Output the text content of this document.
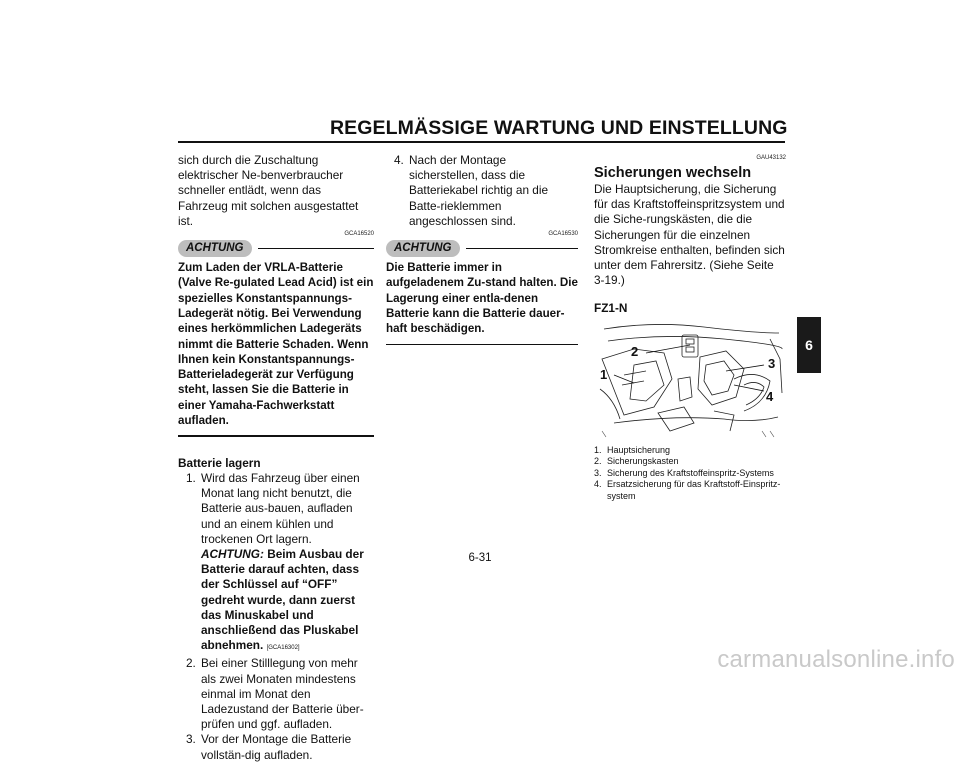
REGELMÄSSIGE WARTUNG UND EINSTELLUNG
6

sich durch die Zuschaltung elektrischer Ne-benverbraucher schneller entlädt, wenn das Fahrzeug mit solchen ausgestattet ist.

GCA16520
ACHTUNG

Zum Laden der VRLA-Batterie (Valve Re-gulated Lead Acid) ist ein spezielles Konstantspannungs-Ladegerät nötig. Bei Verwendung eines herkömmlichen Ladegeräts nimmt die Batterie Schaden. Wenn Ihnen kein Konstantspannungs-Batterieladegerät zur Verfügung steht, lassen Sie die Batterie in einer Yamaha-Fachwerkstatt aufladen.

Batterie lagern

1. Wird das Fahrzeug über einen Monat lang nicht benutzt, die Batterie aus-bauen, aufladen und an einem kühlen und trockenen Ort lagern. ACHTUNG: Beim Ausbau der Batterie darauf achten, dass der Schlüssel auf “OFF” gedreht wurde, dann zuerst das Minuskabel und anschließend das Pluskabel abnehmen. [GCA16302]
2. Bei einer Stilllegung von mehr als zwei Monaten mindestens einmal im Monat den Ladezustand der Batterie über-prüfen und ggf. aufladen.
3. Vor der Montage die Batterie vollstän-dig aufladen.
4. Nach der Montage sicherstellen, dass die Batteriekabel richtig an die Batte-rieklemmen angeschlossen sind.
GCA16530
ACHTUNG

Die Batterie immer in aufgeladenem Zu-stand halten. Die Lagerung einer entla-denen Batterie kann die Batterie dauer-haft beschädigen.

GAU43132

Sicherungen wechseln

Die Hauptsicherung, die Sicherung für das Kraftstoffeinspritzsystem und die Siche-rungskästen, die die Sicherungen für die einzelnen Stromkreise enthalten, befinden sich unter dem Fahrersitz. (Siehe Seite 3-19.)

FZ1-N

1
2
3
4
1. Hauptsicherung
2. Sicherungskasten
3. Sicherung des Kraftstoffeinspritz-Systems
4. Ersatzsicherung für das Kraftstoff-Einspritz-system
6-31
carmanualsonline.info
